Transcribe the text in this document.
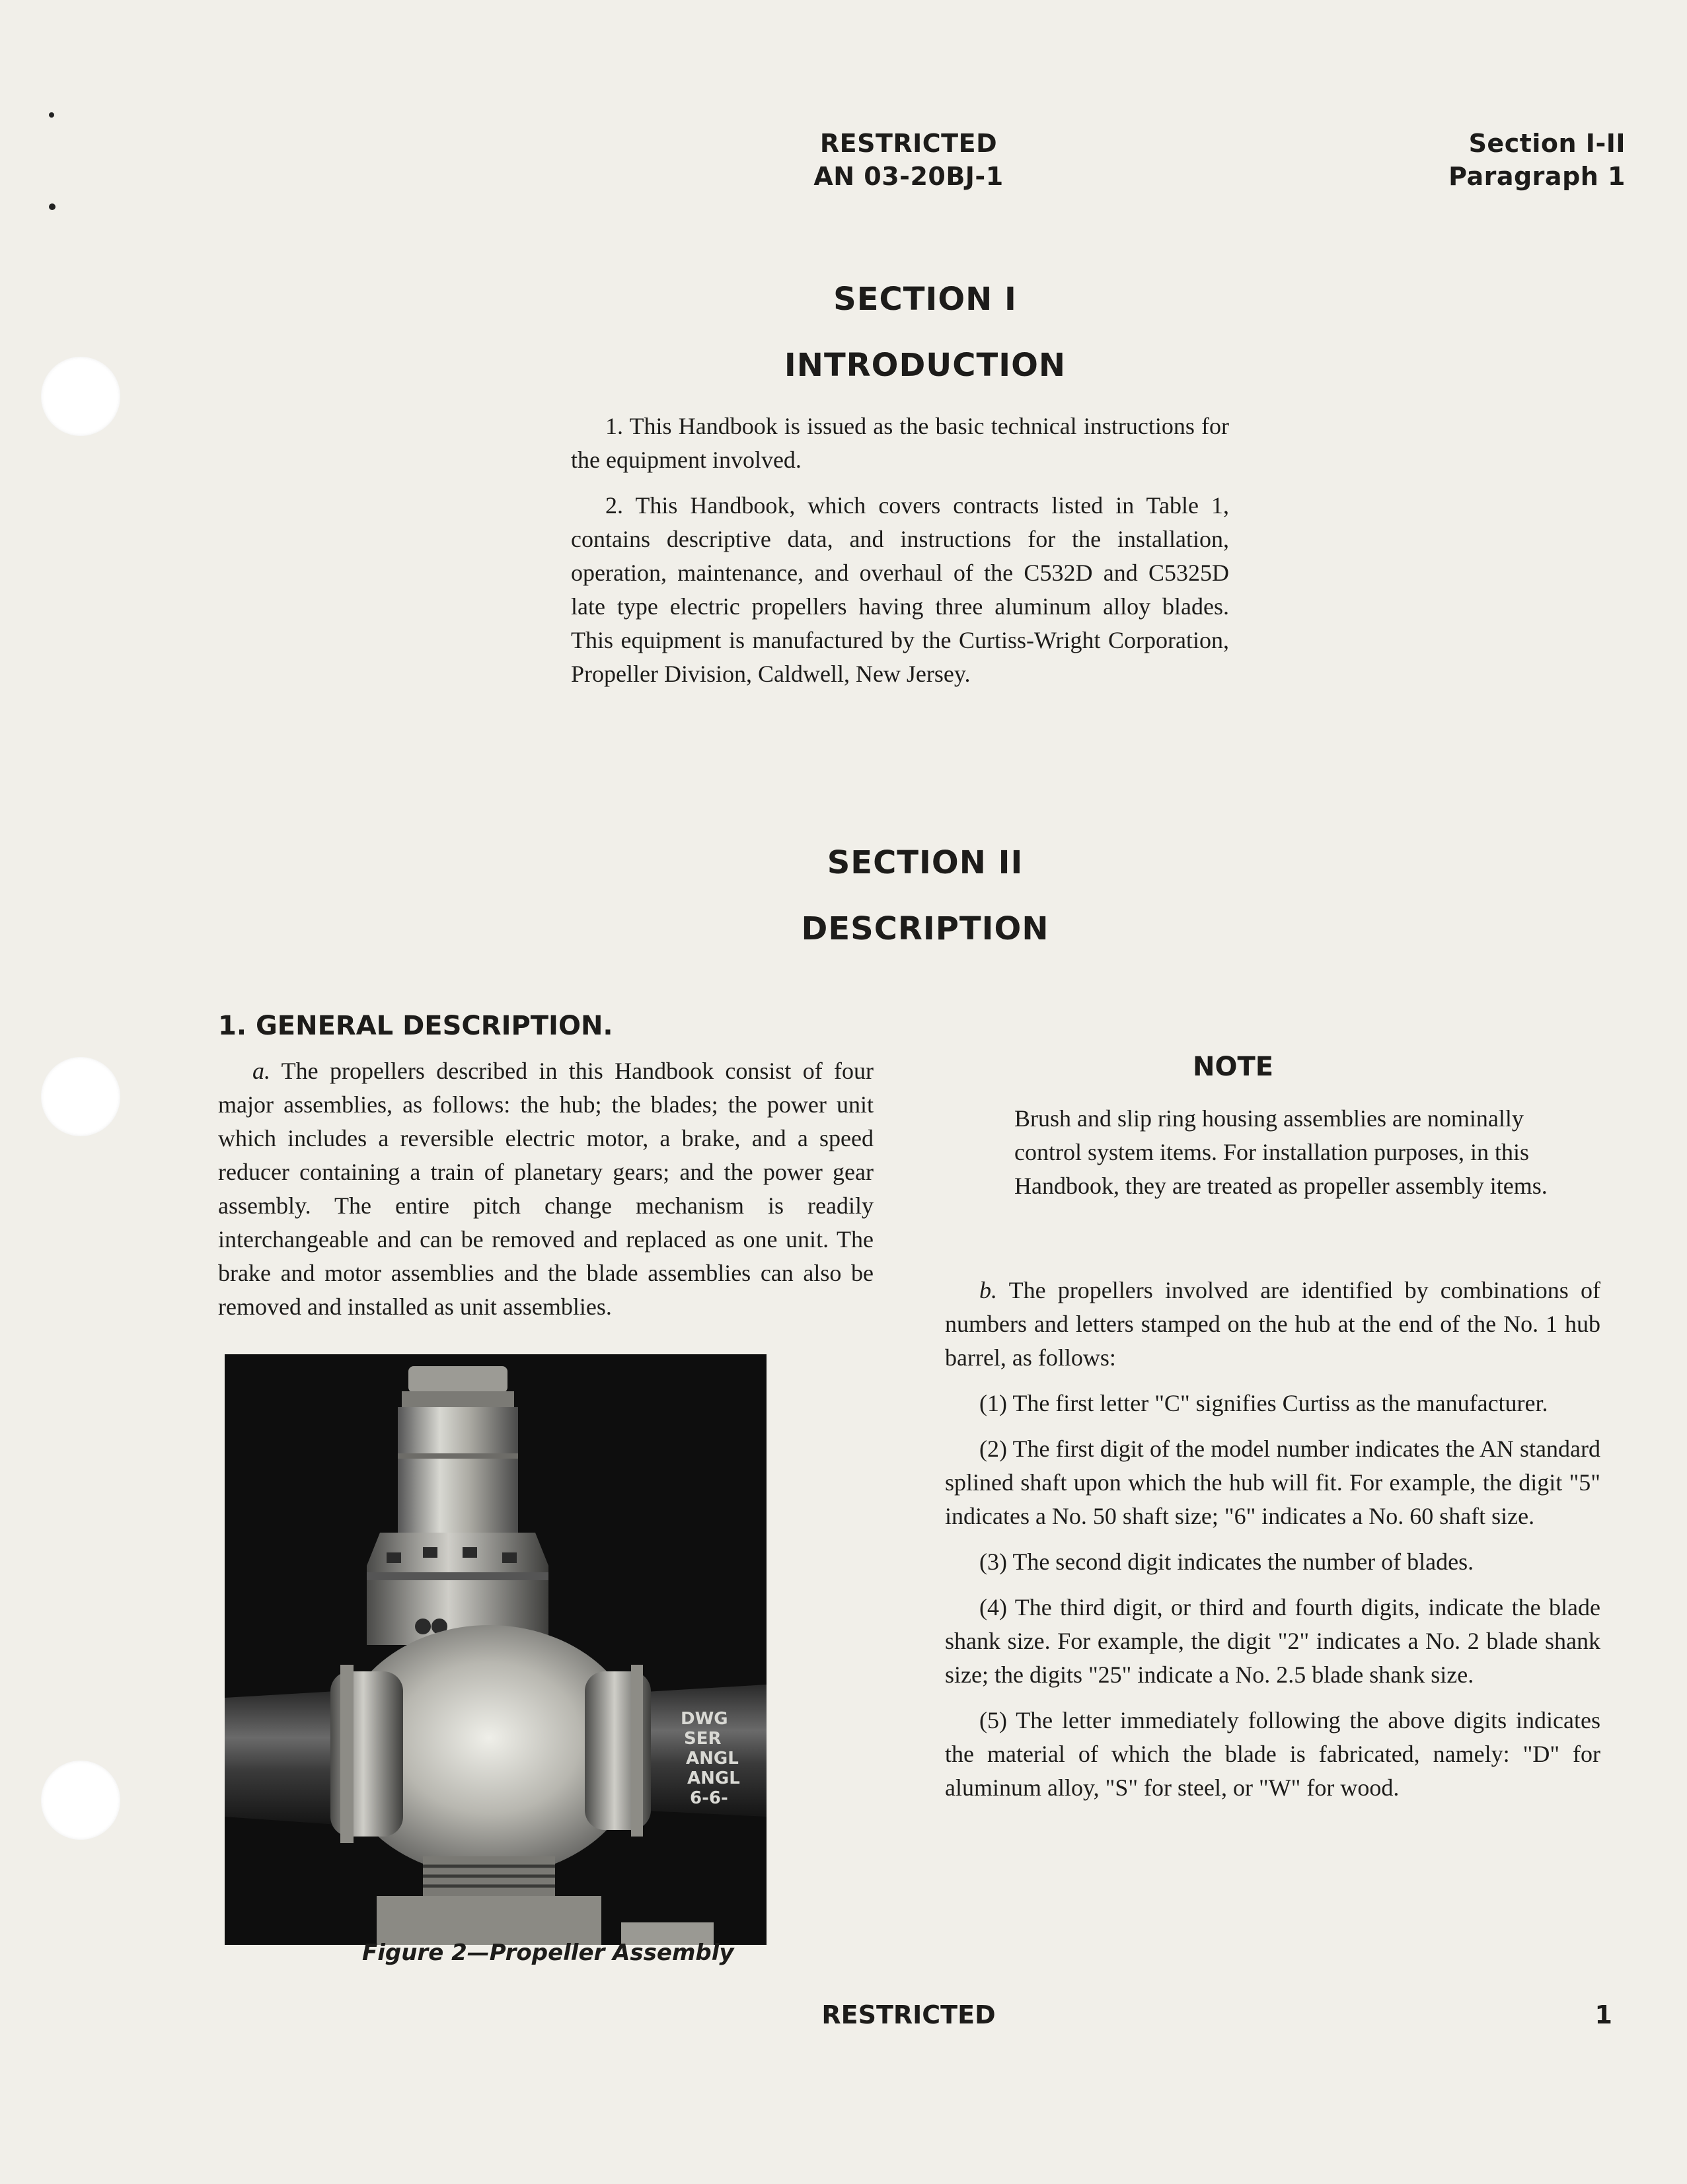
RESTRICTED
AN 03-20BJ-1
Section I-II
Paragraph 1
SECTION I
INTRODUCTION

1. This Handbook is issued as the basic technical instructions for the equipment involved.

2. This Handbook, which covers contracts listed in Table 1, contains descriptive data, and instructions for the installation, operation, maintenance, and overhaul of the C532D and C5325D late type electric propellers having three aluminum alloy blades. This equipment is manufactured by the Curtiss-Wright Corporation, Propeller Division, Caldwell, New Jersey.

SECTION II
DESCRIPTION
1. GENERAL DESCRIPTION.

a. The propellers described in this Handbook consist of four major assemblies, as follows: the hub; the blades; the power unit which includes a reversible electric motor, a brake, and a speed reducer containing a train of planetary gears; and the power gear assembly. The entire pitch change mechanism is readily interchangeable and can be removed and replaced as one unit. The brake and motor assemblies and the blade assemblies can also be removed and installed as unit assemblies.

DWG
SER
ANGL
ANGL
6-6-
Figure 2—Propeller Assembly
NOTE

Brush and slip ring housing assemblies are nominally control system items. For installation purposes, in this Handbook, they are treated as propeller assembly items.

b. The propellers involved are identified by combinations of numbers and letters stamped on the hub at the end of the No. 1 hub barrel, as follows:

(1) The first letter "C" signifies Curtiss as the manufacturer.

(2) The first digit of the model number indicates the AN standard splined shaft upon which the hub will fit. For example, the digit "5" indicates a No. 50 shaft size; "6" indicates a No. 60 shaft size.

(3) The second digit indicates the number of blades.

(4) The third digit, or third and fourth digits, indicate the blade shank size. For example, the digit "2" indicates a No. 2 blade shank size; the digits "25" indicate a No. 2.5 blade shank size.

(5) The letter immediately following the above digits indicates the material of which the blade is fabricated, namely: "D" for aluminum alloy, "S" for steel, or "W" for wood.

RESTRICTED	1
